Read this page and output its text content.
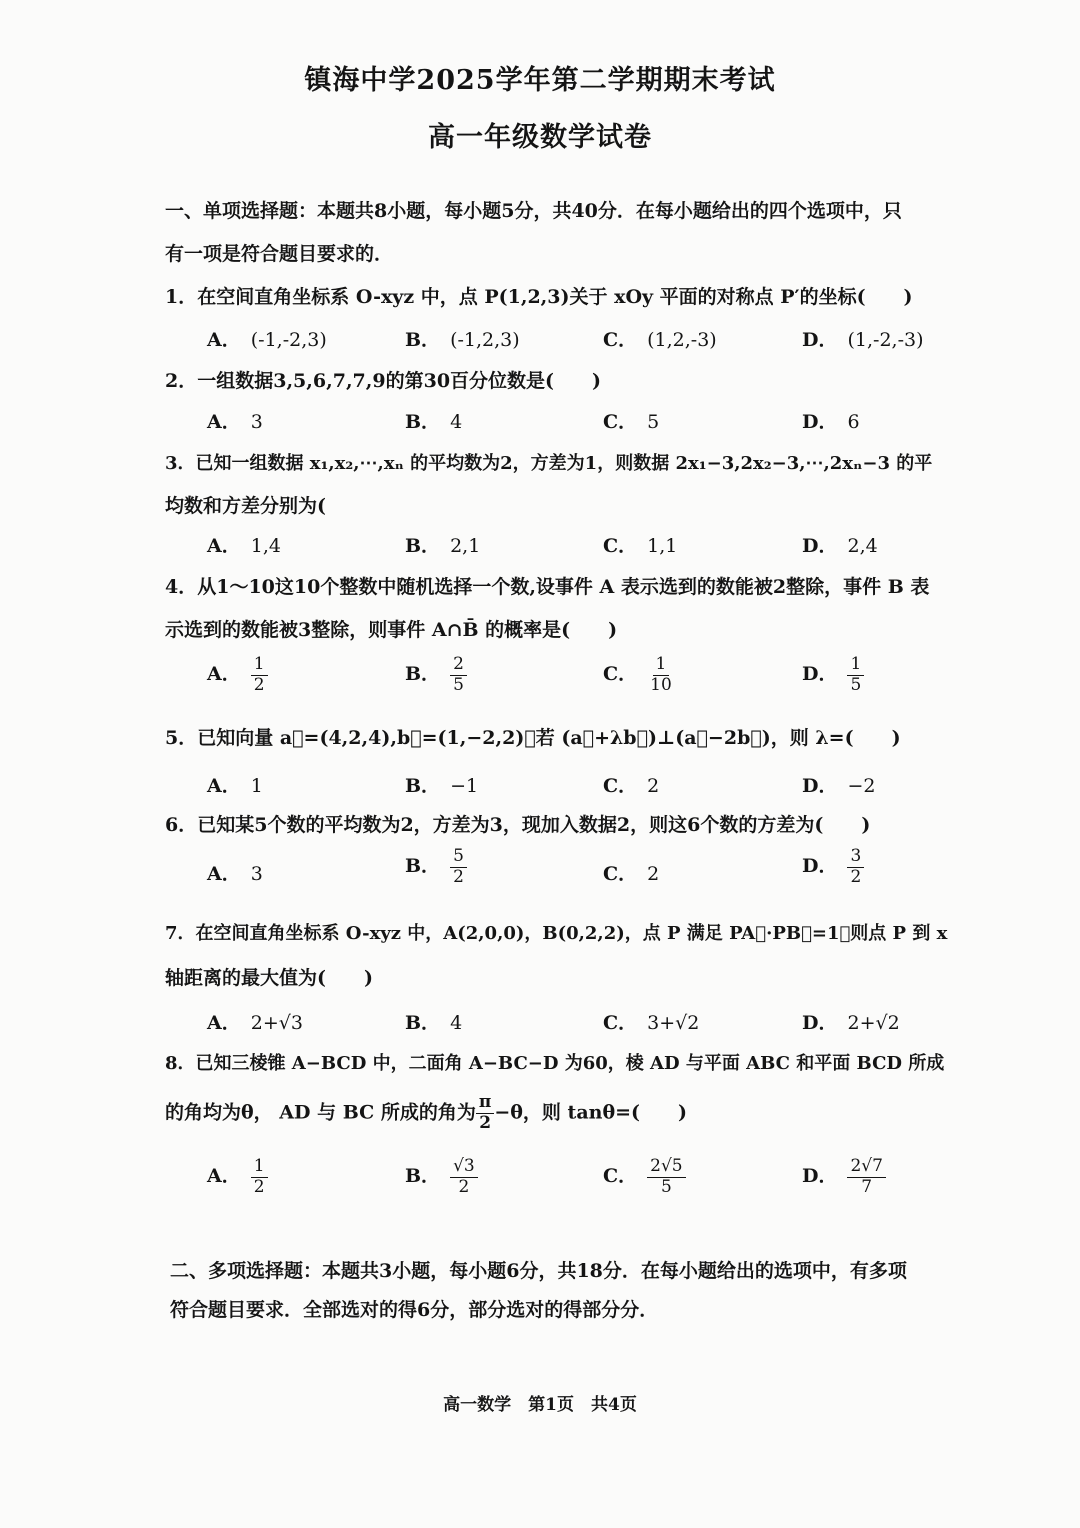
镇海中学2025学年第二学期期末考试
高一年级数学试卷
一、单项选择题：本题共8小题，每小题5分，共40分．在每小题给出的四个选项中，只
有一项是符合题目要求的．
1．在空间直角坐标系 O-xyz 中，点 P(1,2,3)关于 xOy 平面的对称点 P′的坐标(　　)
A． (-1,-2,3)	B． (-1,2,3)	C． (1,2,-3)	D． (1,-2,-3)
2．一组数据3,5,6,7,7,9的第30百分位数是(　　)
A． 3	B． 4	C． 5	D． 6
3．已知一组数据 x₁,x₂,⋯,xₙ 的平均数为2，方差为1，则数据 2x₁−3,2x₂−3,⋯,2xₙ−3 的平
均数和方差分别为(
A． 1,4	B． 2,1	C． 1,1	D． 2,4
4．从1～10这10个整数中随机选择一个数,设事件 A 表示选到的数能被2整除，事件 B 表
示选到的数能被3整除，则事件 A∩B̄ 的概率是(　　)
A． $\frac{1}{2}$	B． $\frac{2}{5}$	C． $\frac{1}{10}$	D． $\frac{1}{5}$
5．已知向量 a⃗=(4,2,4),b⃗=(1,−2,2)，若 (a⃗+λb⃗)⊥(a⃗−2b⃗)，则 λ=(　　)
A． 1	B． −1	C． 2	D． −2
6．已知某5个数的平均数为2，方差为3，现加入数据2，则这6个数的方差为(　　)
A． 3	B． $\frac{5}{2}$	C． 2	D． $\frac{3}{2}$
7．在空间直角坐标系 O-xyz 中，A(2,0,0)，B(0,2,2)，点 P 满足 PA⃗·PB⃗=1，则点 P 到 x
轴距离的最大值为(　　)
A． 2+√3	B． 4	C． 3+√2	D． 2+√2
8．已知三棱锥 A−BCD 中，二面角 A−BC−D 为60，棱 AD 与平面 ABC 和平面 BCD 所成
的角均为θ， AD 与 BC 所成的角为 $\frac{\pi}{2} -\theta$，则 tanθ=(　　)
A． $\frac{1}{2}$	B． $\frac{√3}{2}$	C． $\frac{2√5}{5}$	D． $\frac{2√7}{7}$
二、多项选择题：本题共3小题，每小题6分，共18分．在每小题给出的选项中，有多项
符合题目要求．全部选对的得6分，部分选对的得部分分．
高一数学　第1页　共4页
